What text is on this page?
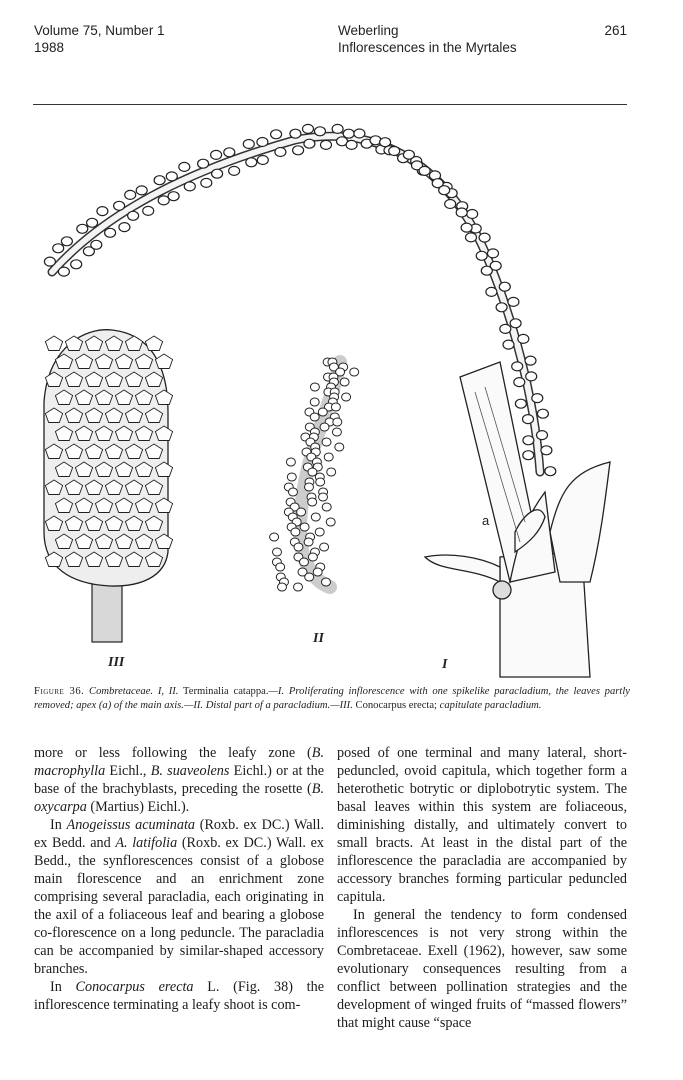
Volume 75, Number 1
1988
Weberling
Inflorescences in the Myrtales
261
III
II
I
a
Figure 36. Combretaceae. I, II. Terminalia catappa.—I. Proliferating inflorescence with one spikelike paracladium, the leaves partly removed; apex (a) of the main axis.—II. Distal part of a paracladium.—III. Conocarpus erecta; capitulate paracladium.

more or less following the leafy zone (B. macrophylla Eichl., B. suaveolens Eichl.) or at the base of the brachyblasts, preceding the rosette (B. oxycarpa (Martius) Eichl.).

In Anogeissus acuminata (Roxb. ex DC.) Wall. ex Bedd. and A. latifolia (Roxb. ex DC.) Wall. ex Bedd., the synflorescences consist of a globose main florescence and an enrichment zone comprising several paracladia, each originating in the axil of a foliaceous leaf and bearing a globose co-florescence on a long peduncle. The paracladia can be accompanied by similar-shaped accessory branches.

In Conocarpus erecta L. (Fig. 38) the inflorescence terminating a leafy shoot is com-

posed of one terminal and many lateral, short-peduncled, ovoid capitula, which together form a heterothetic botrytic or diplobotrytic system. The basal leaves within this system are foliaceous, diminishing distally, and ultimately convert to small bracts. At least in the distal part of the inflorescence the paracladia are accompanied by accessory branches forming particular peduncled capitula.

In general the tendency to form condensed inflorescences is not very strong within the Combretaceae. Exell (1962), however, saw some evolutionary consequences resulting from a conflict between pollination strategies and the development of winged fruits of “massed flowers” that might cause “space
